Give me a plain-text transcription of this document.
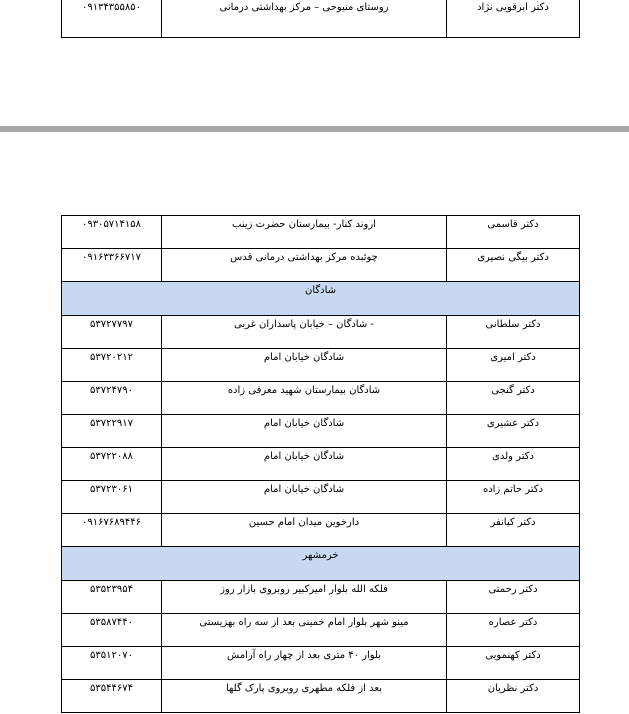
۰۹۱۳۴۳۵۵۸۵۰	روستای منیوحی – مرکز بهداشتی درمانی	دکتر ابرقویی نژاد
۰۹۳۰۵۷۱۴۱۵۸	اروند کنار- بیمارستان حضرت زینب	دکتر قاسمی

۰۹۱۶۳۳۶۶۷۱۷	چوئبده مرکز بهداشتی درمانی قدس	دکتر بیگی نصیری

شادگان		

۵۳۷۲۷۷۹۷	شادگان – خیابان پاسداران غربی -	دکتر سلطانی

۵۳۷۲۰۲۱۲	شادگان خیابان امام	دکتر امیری

۵۳۷۲۴۷۹۰	شادگان بیمارستان شهید معرفی زاده	دکتر گنجی

۵۳۷۲۲۹۱۷	شادگان خیابان امام	دکتر عشیری

۵۳۷۲۲۰۸۸	شادگان خیابان امام	دکتر ولدی

۵۳۷۲۳۰۶۱	شادگان خیابان امام	دکتر حاتم زاده

۰۹۱۶۷۶۸۹۴۴۶	دارخوین میدان امام حسین	دکتر کیانفر

خرمشهر		

۵۳۵۲۳۹۵۴	فلکه الله بلوار امیرکبیر روبروی بازار روز	دکتر رحمتی

۵۳۵۸۷۴۴۰	مینو شهر بلوار امام خمینی بعد از سه راه بهزیستی	دکتر عصاره

۵۳۵۱۲۰۷۰	بلوار ۴۰ متری بعد از چهار راه آرامش	دکتر کهنمویی

۵۳۵۴۴۶۷۴	بعد از فلکه مطهری روبروی پارک گلها	دکتر نظریان
